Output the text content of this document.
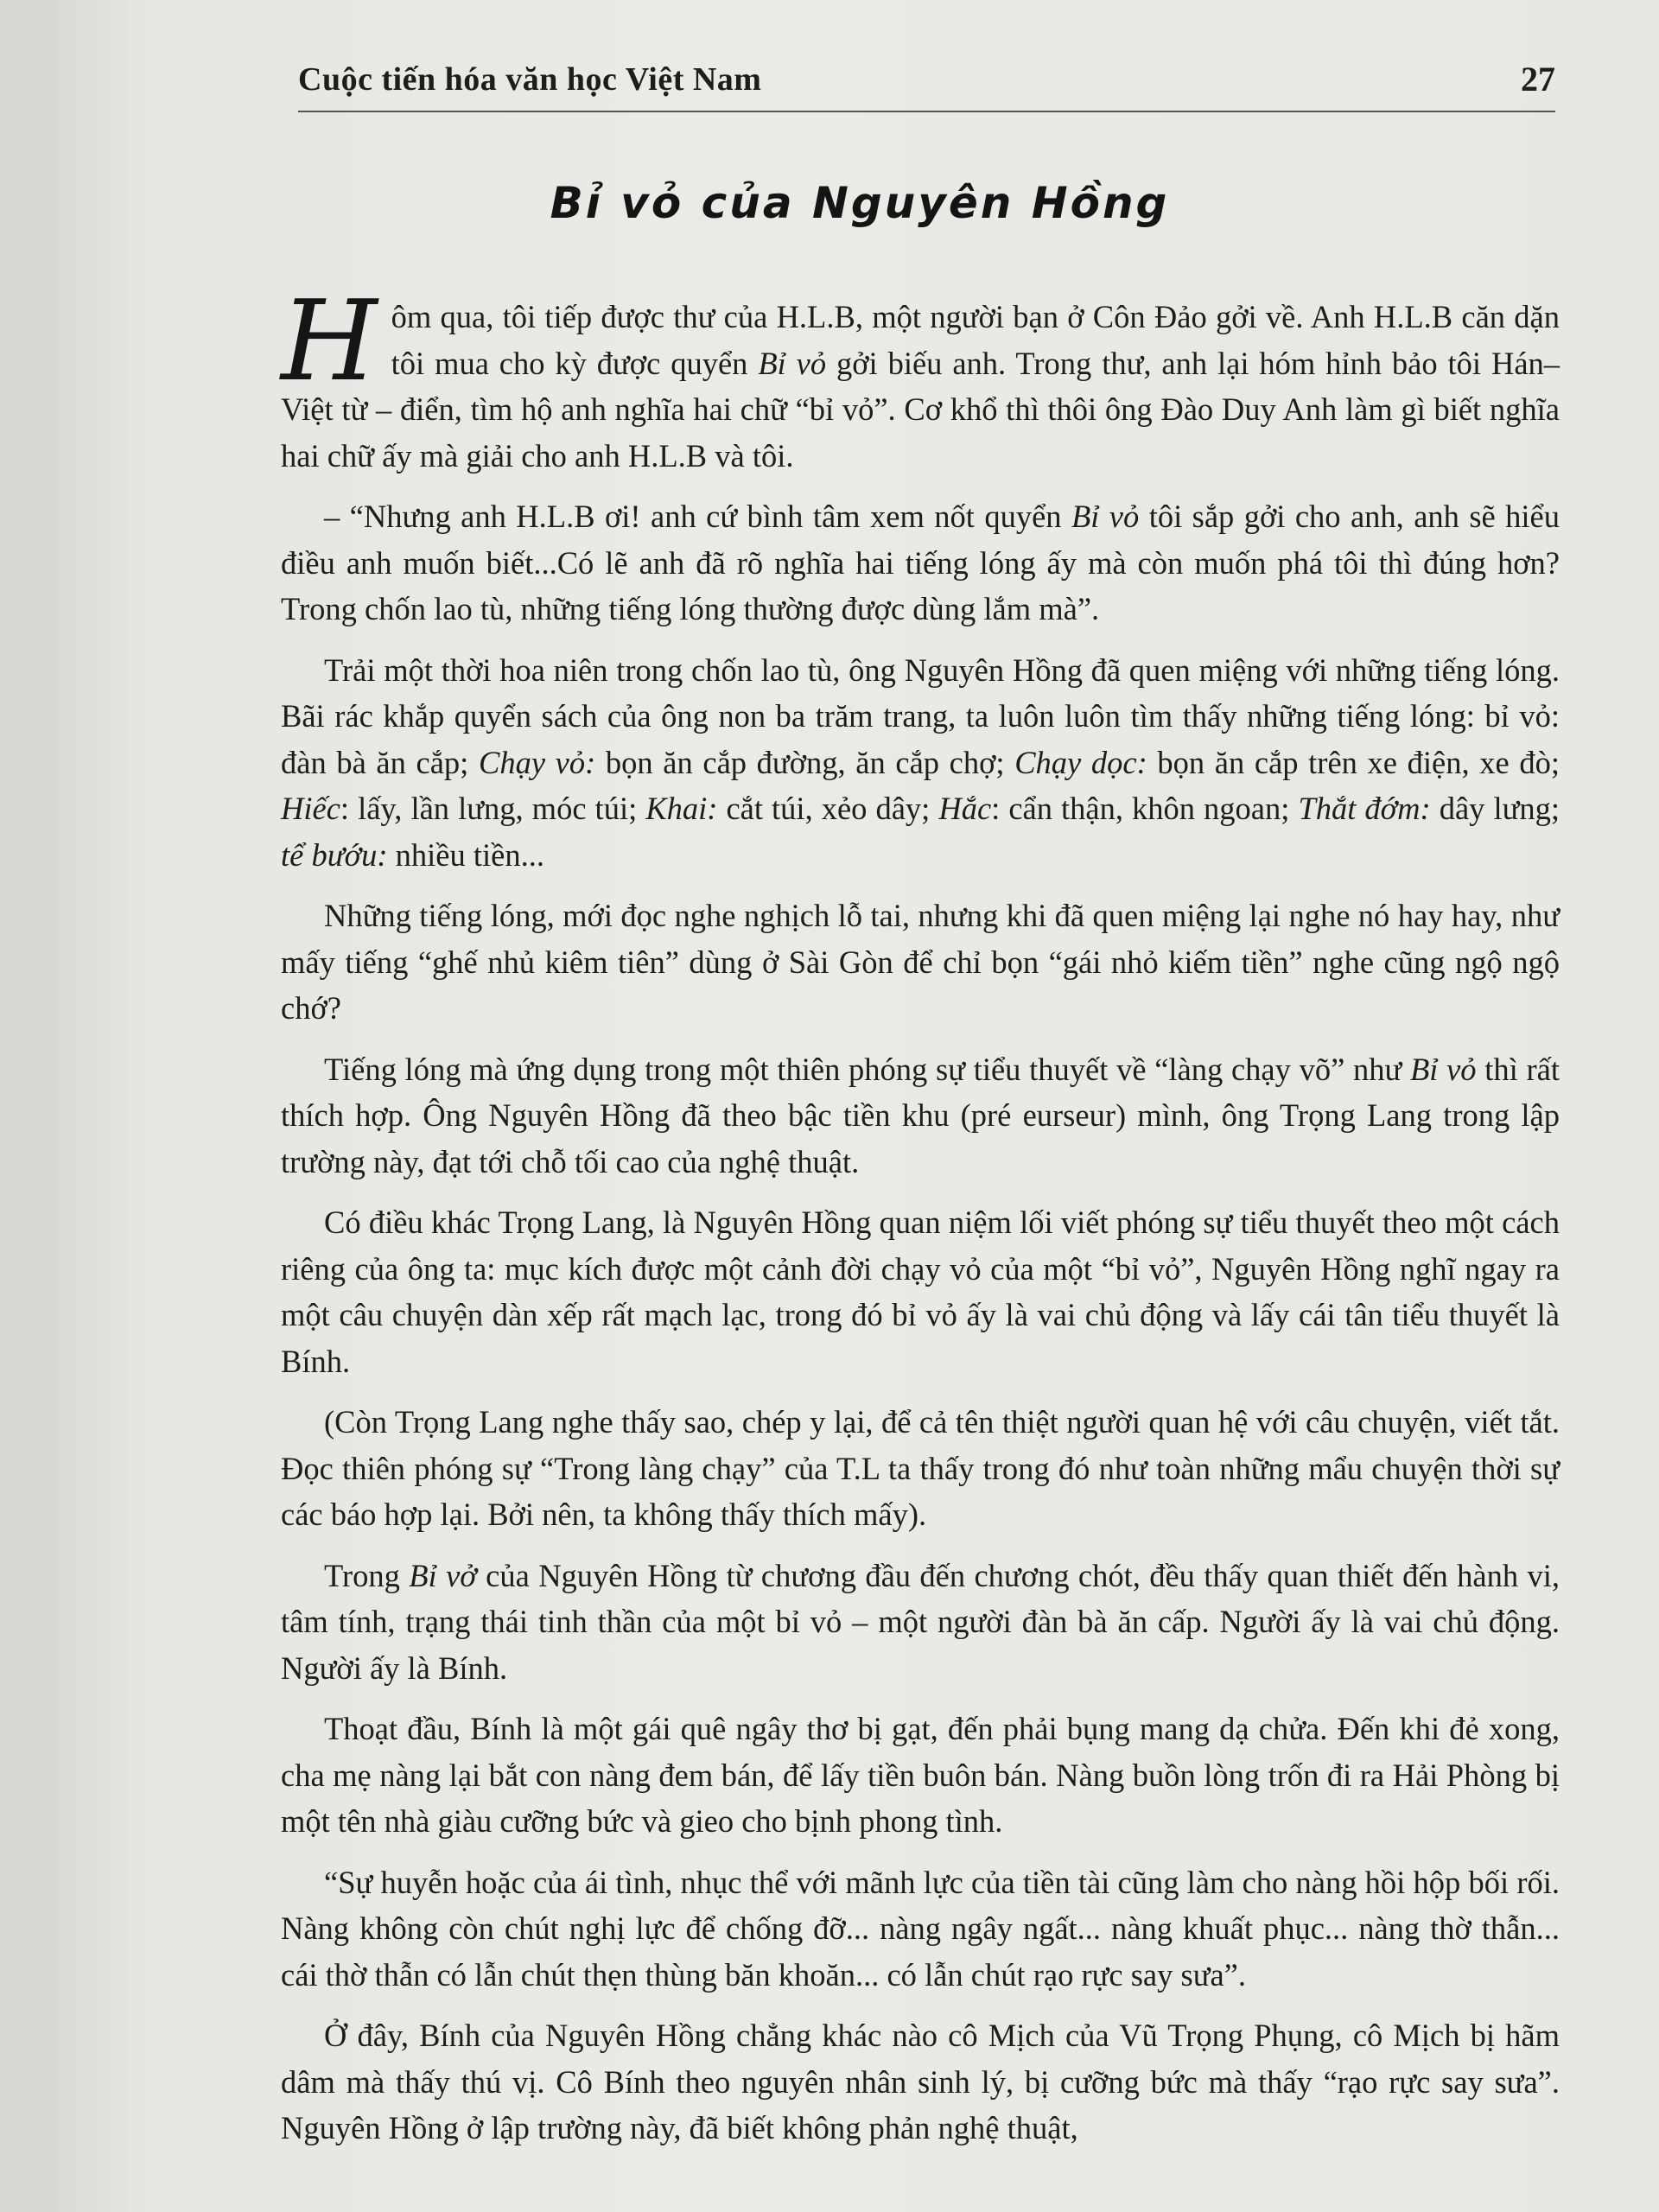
Cuộc tiến hóa văn học Việt Nam	27
Bỉ vỏ của Nguyên Hồng

Hôm qua, tôi tiếp được thư của H.L.B, một người bạn ở Côn Đảo gởi về. Anh H.L.B căn dặn tôi mua cho kỳ được quyển Bỉ vỏ gởi biếu anh. Trong thư, anh lại hóm hỉnh bảo tôi Hán–Việt từ – điển, tìm hộ anh nghĩa hai chữ “bỉ vỏ”. Cơ khổ thì thôi ông Đào Duy Anh làm gì biết nghĩa hai chữ ấy mà giải cho anh H.L.B và tôi.

– “Nhưng anh H.L.B ơi! anh cứ bình tâm xem nốt quyển Bỉ vỏ tôi sắp gởi cho anh, anh sẽ hiểu điều anh muốn biết...Có lẽ anh đã rõ nghĩa hai tiếng lóng ấy mà còn muốn phá tôi thì đúng hơn? Trong chốn lao tù, những tiếng lóng thường được dùng lắm mà”.

Trải một thời hoa niên trong chốn lao tù, ông Nguyên Hồng đã quen miệng với những tiếng lóng. Bãi rác khắp quyển sách của ông non ba trăm trang, ta luôn luôn tìm thấy những tiếng lóng: bỉ vỏ: đàn bà ăn cắp; Chạy vỏ: bọn ăn cắp đường, ăn cắp chợ; Chạy dọc: bọn ăn cắp trên xe điện, xe đò; Hiếc: lấy, lần lưng, móc túi; Khai: cắt túi, xẻo dây; Hắc: cẩn thận, khôn ngoan; Thắt đớm: dây lưng; tể bướu: nhiều tiền...

Những tiếng lóng, mới đọc nghe nghịch lỗ tai, nhưng khi đã quen miệng lại nghe nó hay hay, như mấy tiếng “ghế nhủ kiêm tiên” dùng ở Sài Gòn để chỉ bọn “gái nhỏ kiếm tiền” nghe cũng ngộ ngộ chớ?

Tiếng lóng mà ứng dụng trong một thiên phóng sự tiểu thuyết về “làng chạy võ” như Bỉ vỏ thì rất thích hợp. Ông Nguyên Hồng đã theo bậc tiền khu (pré eurseur) mình, ông Trọng Lang trong lập trường này, đạt tới chỗ tối cao của nghệ thuật.

Có điều khác Trọng Lang, là Nguyên Hồng quan niệm lối viết phóng sự tiểu thuyết theo một cách riêng của ông ta: mục kích được một cảnh đời chạy vỏ của một “bỉ vỏ”, Nguyên Hồng nghĩ ngay ra một câu chuyện dàn xếp rất mạch lạc, trong đó bỉ vỏ ấy là vai chủ động và lấy cái tân tiểu thuyết là Bính.

(Còn Trọng Lang nghe thấy sao, chép y lại, để cả tên thiệt người quan hệ với câu chuyện, viết tắt. Đọc thiên phóng sự “Trong làng chạy” của T.L ta thấy trong đó như toàn những mẩu chuyện thời sự các báo hợp lại. Bởi nên, ta không thấy thích mấy).

Trong Bỉ vở của Nguyên Hồng từ chương đầu đến chương chót, đều thấy quan thiết đến hành vi, tâm tính, trạng thái tinh thần của một bỉ vỏ – một người đàn bà ăn cấp. Người ấy là vai chủ động. Người ấy là Bính.

Thoạt đầu, Bính là một gái quê ngây thơ bị gạt, đến phải bụng mang dạ chửa. Đến khi đẻ xong, cha mẹ nàng lại bắt con nàng đem bán, để lấy tiền buôn bán. Nàng buồn lòng trốn đi ra Hải Phòng bị một tên nhà giàu cưỡng bức và gieo cho bịnh phong tình.

“Sự huyễn hoặc của ái tình, nhục thể với mãnh lực của tiền tài cũng làm cho nàng hồi hộp bối rối. Nàng không còn chút nghị lực để chống đỡ... nàng ngây ngất... nàng khuất phục... nàng thờ thẫn... cái thờ thẫn có lẫn chút thẹn thùng băn khoăn... có lẫn chút rạo rực say sưa”.

Ở đây, Bính của Nguyên Hồng chẳng khác nào cô Mịch của Vũ Trọng Phụng, cô Mịch bị hãm dâm mà thấy thú vị. Cô Bính theo nguyên nhân sinh lý, bị cưỡng bức mà thấy “rạo rực say sưa”. Nguyên Hồng ở lập trường này, đã biết không phản nghệ thuật,
